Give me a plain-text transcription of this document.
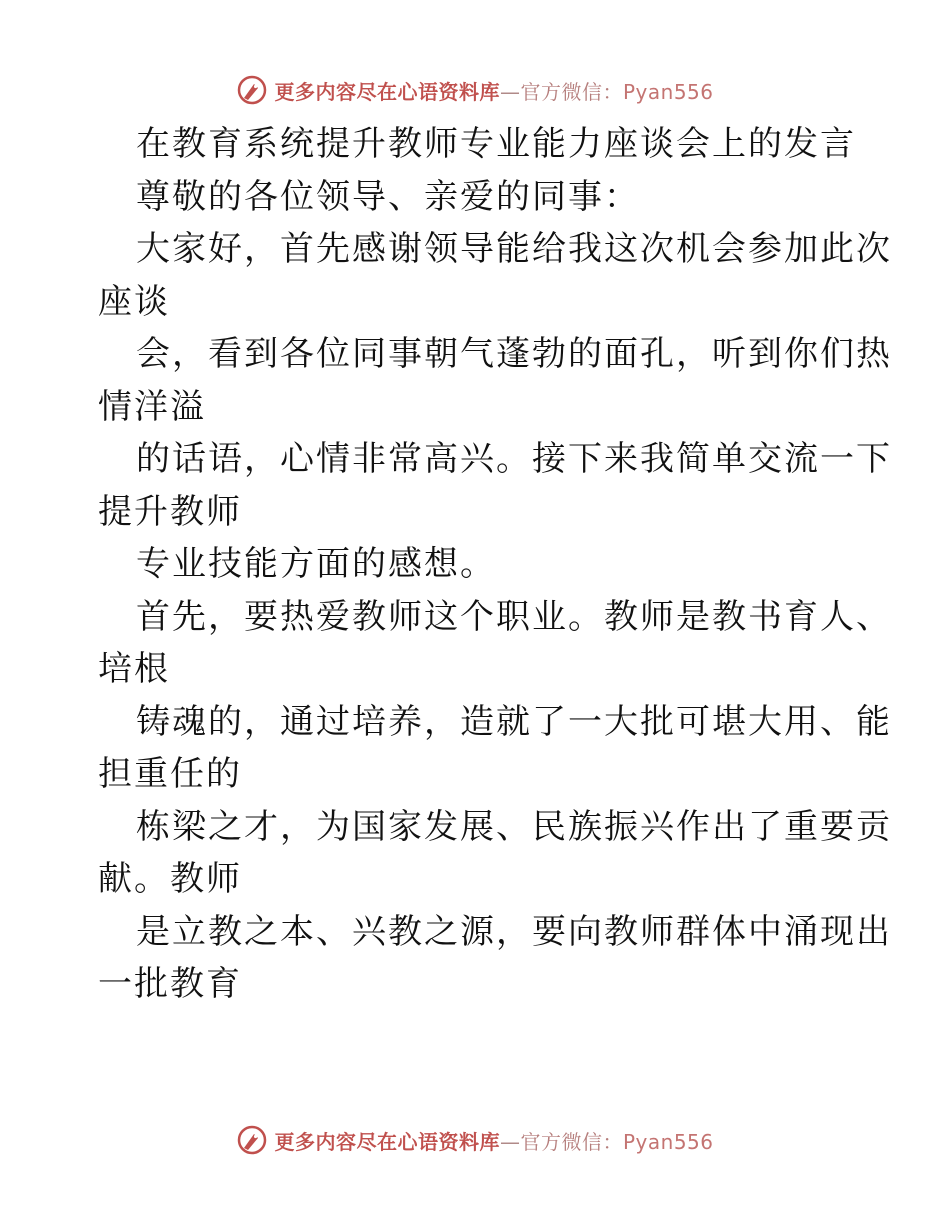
更多内容尽在心语资料库—官方微信：Pyan556
在教育系统提升教师专业能力座谈会上的发言
尊敬的各位领导、亲爱的同事：
大家好，首先感谢领导能给我这次机会参加此次
座谈
会，看到各位同事朝气蓬勃的面孔，听到你们热
情洋溢
的话语，心情非常高兴。接下来我简单交流一下
提升教师
专业技能方面的感想。
首先，要热爱教师这个职业。教师是教书育人、
培根
铸魂的，通过培养，造就了一大批可堪大用、能
担重任的
栋梁之才，为国家发展、民族振兴作出了重要贡
献。教师
是立教之本、兴教之源，要向教师群体中涌现出
一批教育
更多内容尽在心语资料库—官方微信：Pyan556
